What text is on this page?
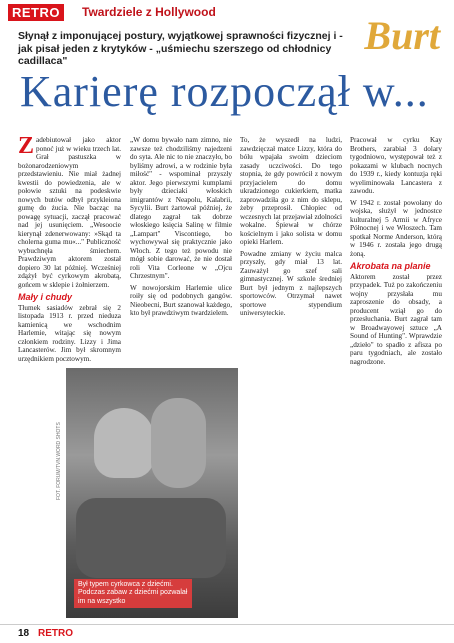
RETRO	Twardziele z Hollywood
Burt
Słynął z imponującej postury, wyjątkowej sprawności fizycznej i - jak pisał jeden z krytyków - „uśmiechu szerszego od chłodnicy cadillaca"
Karierę rozpoczął w...
Z adebiutował jako aktor ponoć już w wieku trzech lat. Grał pastuszka w bożonarodzeniowym przedstawieniu. Nie miał żadnej kwestii do powiedzenia, ale w połowie sztuki na podeskwie nowych butów odbył przykleiona gumę do żucia. Nie bacząc na powagę sytuacji, zaczął pracować nad jej usunięciem. „Wesoocie kierynął zdenerwowany: »Skąd ta cholerna guma mu«..." Publiczność wybuchnęła śmiechem. Prawdziwym aktorem został dopiero 30 lat później. Wcześniej zdążył być cyrkowym akrobatą, gońcem w sklepie i żołnierzem.
Mały i chudy
Tłumek sasiadów zebrał się 2 listopada 1913 r. przed nieduza kamienicą we wschodnim Harlemie, witając się nowym członkiem rodziny. Lizzy i Jima Lancasterów. Jim był skromnym urzędnikiem pocztowym.
„W domu bywało nam zimno, nie zawsze też chodziliśmy najedzeni do syta. Ale nic to nie znaczyło, bo byliśmy adrowi, a w rodzinie była miłość" - wspominał przyszły aktor. Jego pierwszymi kumplami były dzieciaki włoskich imigrantów z Neapolu, Kalabrii, Sycylii. Burt żartował później, że dlatego zagrał tak dobrze włoskiego księcia Salinę w filmie „Lampart" Viscontiego, bo wychowywał się praktycznie jako Włoch. Z tego też powodu nie mógł sobie darować, że nie dostał roli Vita Corleone w „Ojcu Chrzestnym".
W nowojorskim Harlemie ulice roiły się od podobnych gangów. Nieobecni, Burt szanował każdego, kto był prawdziwym twardzielem.
To, że wyszedł na ludzi, zawdzięczał matce Lizzy, która do bólu wpajała swoim dzieciom zasady uczciwości. Do tego stopnia, że gdy powrócił z nowym przyjacielem do domu ukradzionego cukierkiem, matka zaprowadziła go z nim do sklepu, żeby przeprosił. Chłopiec od wczesnych lat przejawiał zdolności wokalne. Śpiewał w chórze kościelnym i jako solista w domu opieki Harlem.
Powadne zmiany w życiu malca przyszły, gdy miał 13 lat. Zauważył go szef sali gimnastycznej. W szkole średniej Burt był jednym z najlepszych sportowców. Otrzymał nawet sportowe stypendium uniwersyteckie.
Pracował w cyrku Kay Brothers, zarabiał 3 dolary tygodniowo, występował też z pokazami w klubach nocnych do 1939 r., kiedy kontuzja ręki wyeliminowała Lancastera z zawodu.
W 1942 r. został powołany do wojska, służył w jednostce kulturalnej 5 Armii w Afryce Północnej i we Włoszech. Tam spotkał Norme Anderson, którą w 1946 r. została jego drugą żoną.
Akrobata na planie
Aktorem został przez przypadek. Tuż po zakończeniu wojny przysłała mu zaproszenie do obsady, a producent wziął go do przesłuchania. Burt zagrał tam w Broadwayowej sztuce „A Sound of Hunting". Wprawdzie „dzieło" to spadło z afisza po paru tygodniach, ale zostało nagrodzone.
Był typem cyrkowca z dziećmi. Podczas zabaw z dziećmi pozwalał im na wszystko
FOT. FORUM/TVN.WORD SHOTS
18 RETRO
